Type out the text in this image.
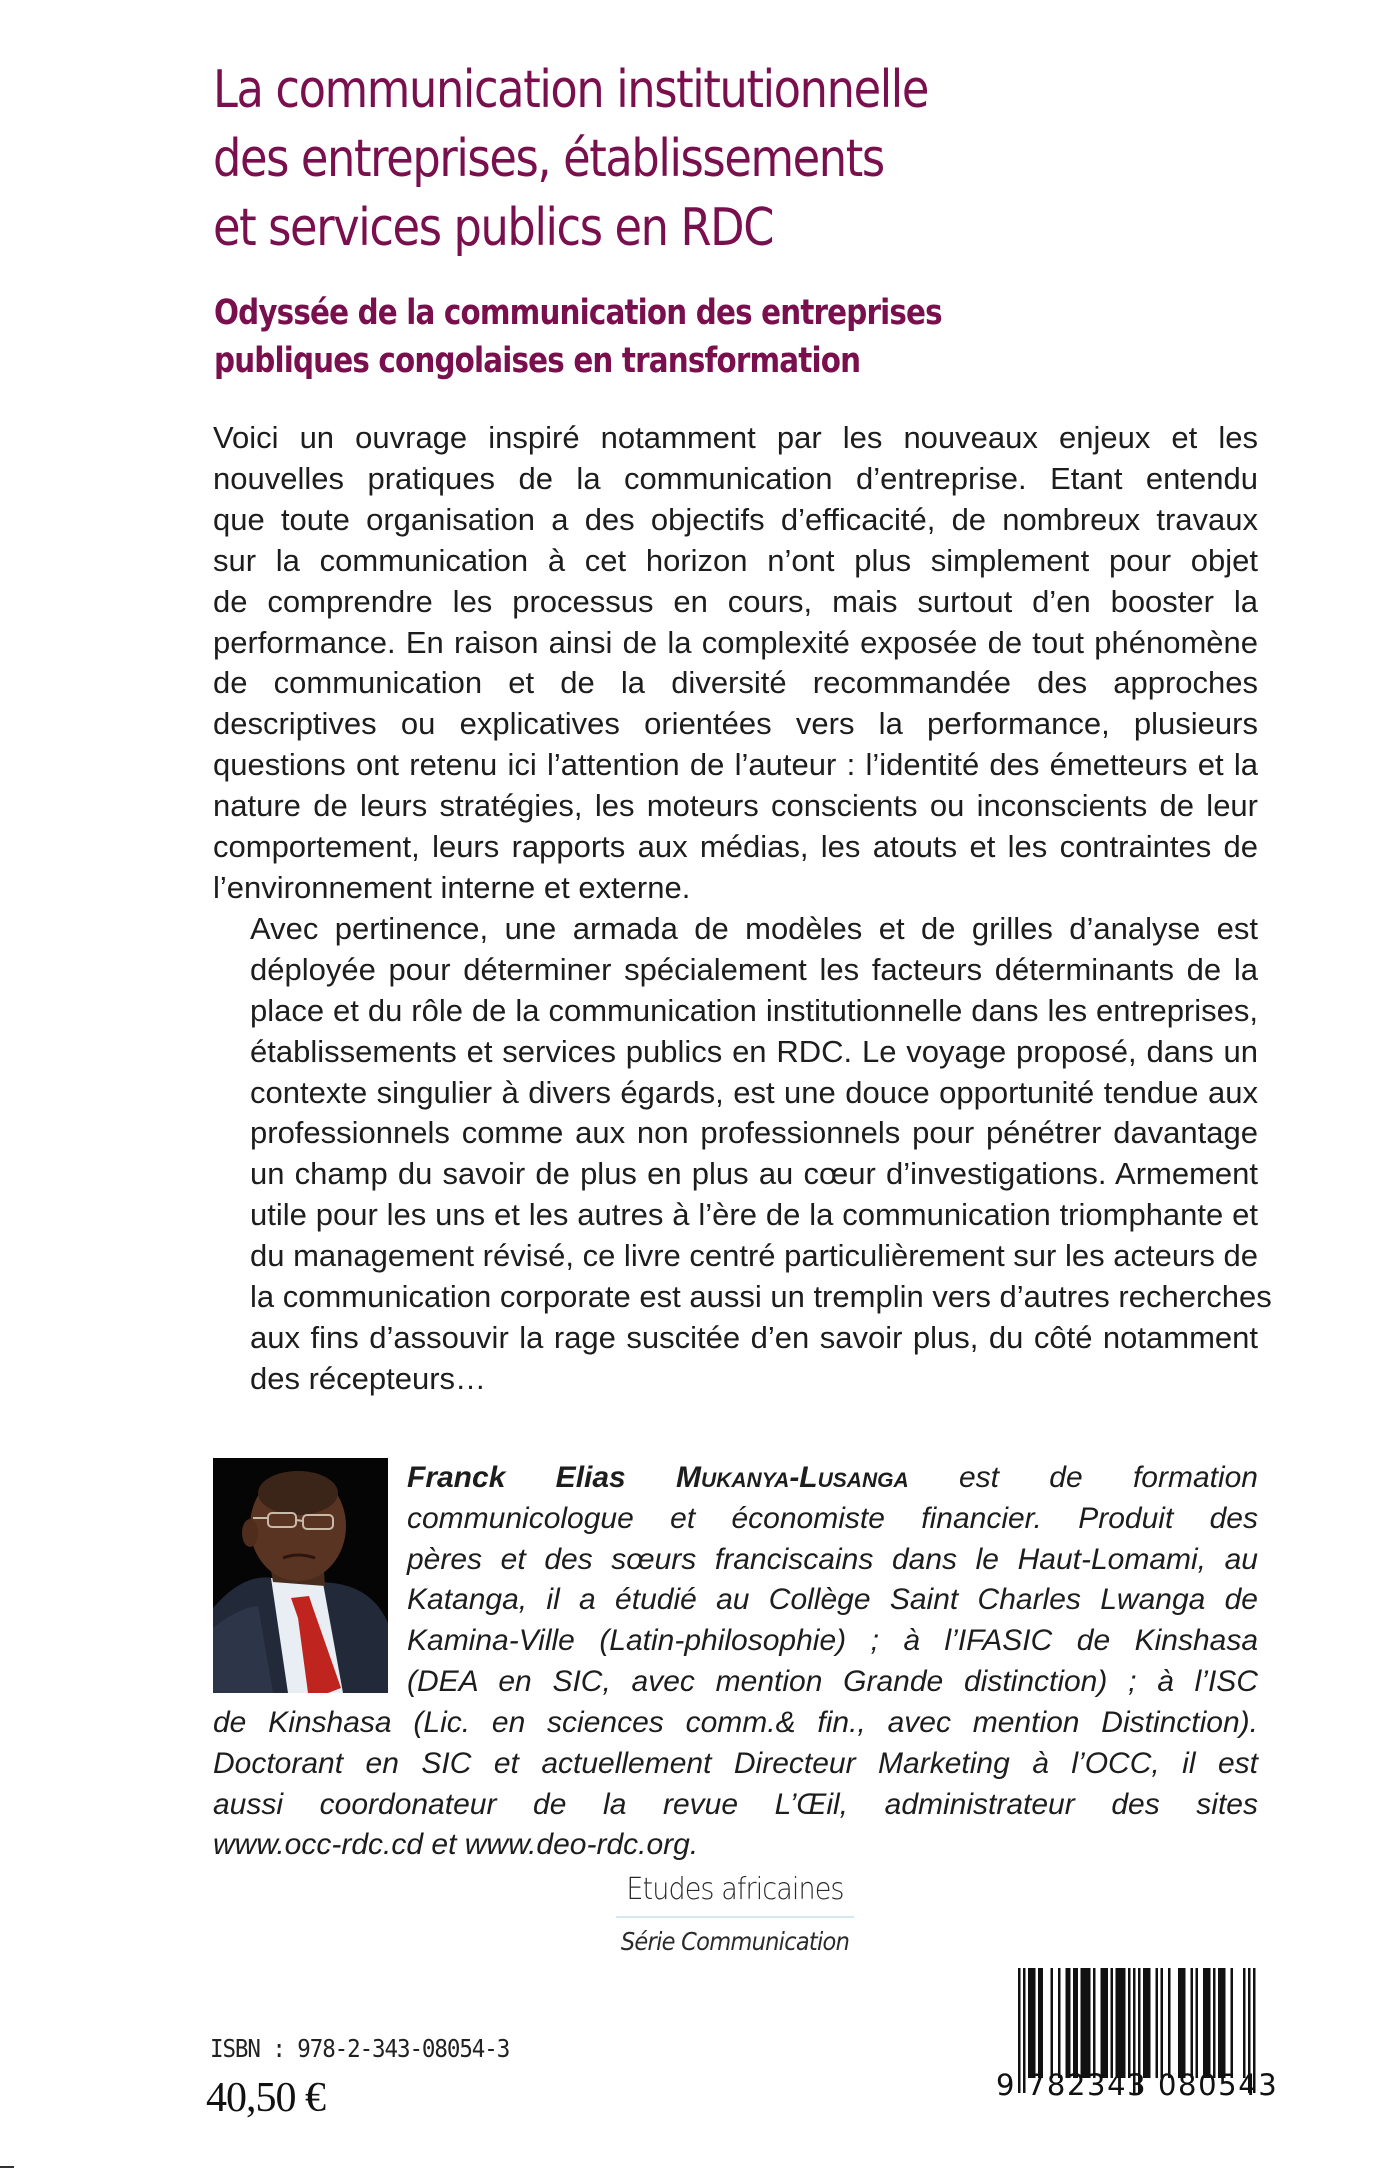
La communication institutionnelle
des entreprises, établissements
et services publics en RDC
Odyssée de la communication des entreprises
publiques congolaises en transformation

Voici un ouvrage inspiré notamment par les nouveaux enjeux et les
nouvelles pratiques de la communication d’entreprise. Etant entendu
que toute organisation a des objectifs d’efficacité, de nombreux travaux
sur la communication à cet horizon n’ont plus simplement pour objet
de comprendre les processus en cours, mais surtout d’en booster la
performance. En raison ainsi de la complexité exposée de tout phénomène
de communication et de la diversité recommandée des approches
descriptives ou explicatives orientées vers la performance, plusieurs
questions ont retenu ici l’attention de l’auteur : l’identité des émetteurs et la
nature de leurs stratégies, les moteurs conscients ou inconscients de leur
comportement, leurs rapports aux médias, les atouts et les contraintes de
l’environnement interne et externe.

Avec pertinence, une armada de modèles et de grilles d’analyse est
déployée pour déterminer spécialement les facteurs déterminants de la
place et du rôle de la communication institutionnelle dans les entreprises,
établissements et services publics en RDC. Le voyage proposé, dans un
contexte singulier à divers égards, est une douce opportunité tendue aux
professionnels comme aux non professionnels pour pénétrer davantage
un champ du savoir de plus en plus au cœur d’investigations. Armement
utile pour les uns et les autres à l’ère de la communication triomphante et
du management révisé, ce livre centré particulièrement sur les acteurs de
la communication corporate est aussi un tremplin vers d’autres recherches
aux fins d’assouvir la rage suscitée d’en savoir plus, du côté notamment
des récepteurs…

Franck Elias Mukanya-Lusanga est de formation
communicologue et économiste financier. Produit des
pères et des sœurs franciscains dans le Haut-Lomami, au
Katanga, il a étudié au Collège Saint Charles Lwanga de
Kamina-Ville (Latin-philosophie) ; à l’IFASIC de Kinshasa
(DEA en SIC, avec mention Grande distinction) ; à l’ISC
de Kinshasa (Lic. en sciences comm.& fin., avec mention Distinction).
Doctorant en SIC et actuellement Directeur Marketing à l’OCC, il est
aussi coordonateur de la revue L’Œil, administrateur des sites
www.occ-rdc.cd et www.deo-rdc.org.
Etudes africaines
Série Communication
ISBN : 978-2-343-08054-3
40,50 €	9 782343 080543
